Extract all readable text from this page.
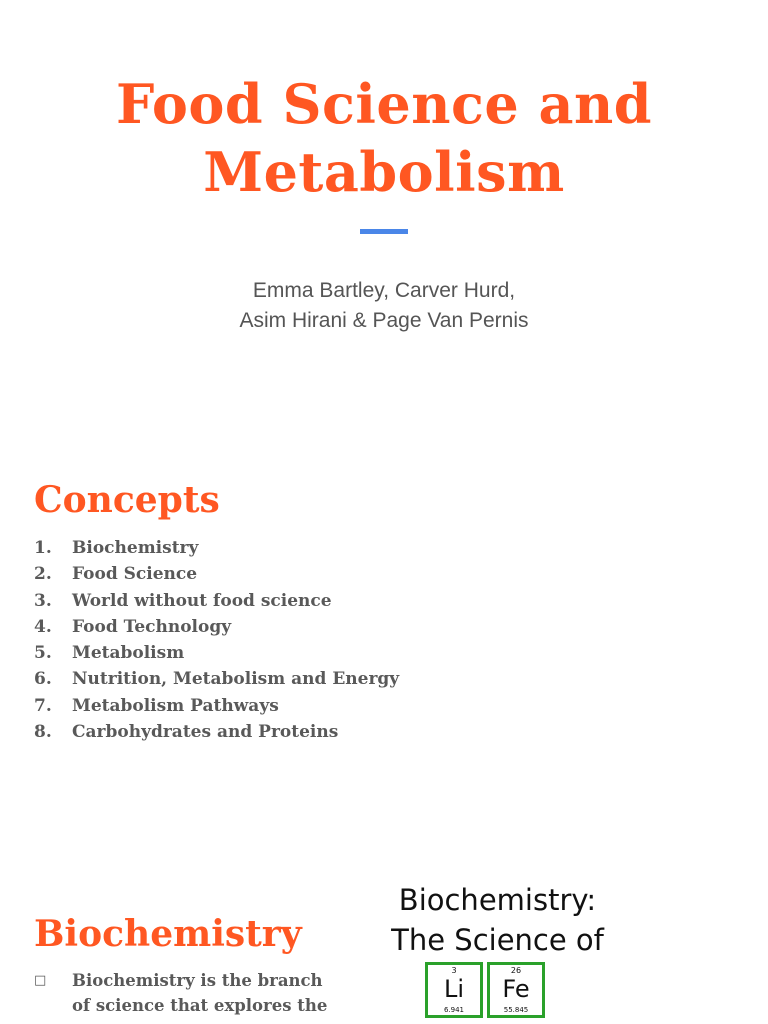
Food Science and Metabolism
Emma Bartley, Carver Hurd,
Asim Hirani & Page Van Pernis
Concepts
1.	Biochemistry
2.	Food Science
3.	World without food science
4.	Food Technology
5.	Metabolism
6.	Nutrition, Metabolism and Energy
7.	Metabolism Pathways
8.	Carbohydrates and Proteins
Biochemistry
□	Biochemistry is the branch of science that explores the
Biochemistry:
The Science of
3
Li
6.941
26
Fe
55.845
